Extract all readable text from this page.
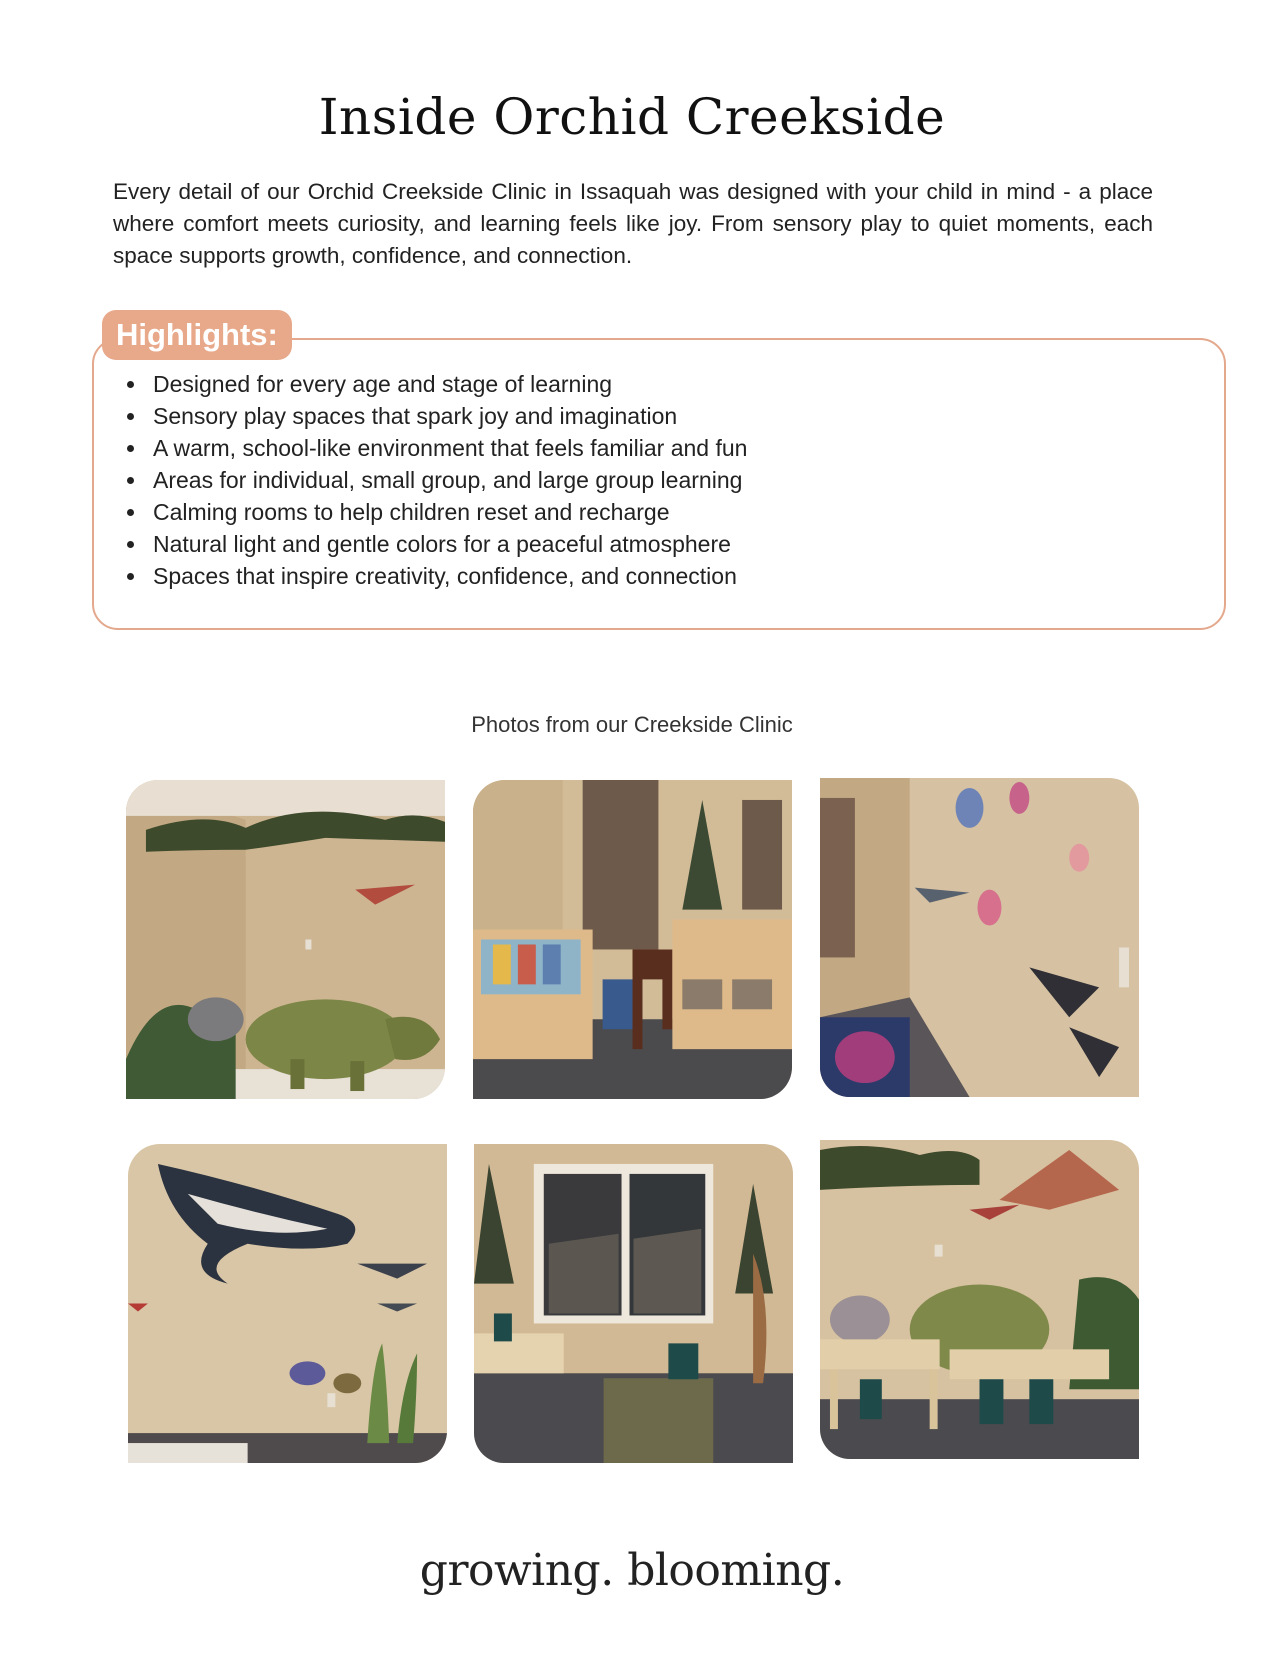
Inside Orchid Creekside
Every detail of our Orchid Creekside Clinic in Issaquah was designed with your child in mind - a place where comfort meets curiosity, and learning feels like joy. From sensory play to quiet moments, each space supports growth, confidence, and connection.
Highlights:
Designed for every age and stage of learning
Sensory play spaces that spark joy and imagination
A warm, school-like environment that feels familiar and fun
Areas for individual, small group, and large group learning
Calming rooms to help children reset and recharge
Natural light and gentle colors for a peaceful atmosphere
Spaces that inspire creativity, confidence, and connection
Photos from our Creekside Clinic
growing. blooming.
